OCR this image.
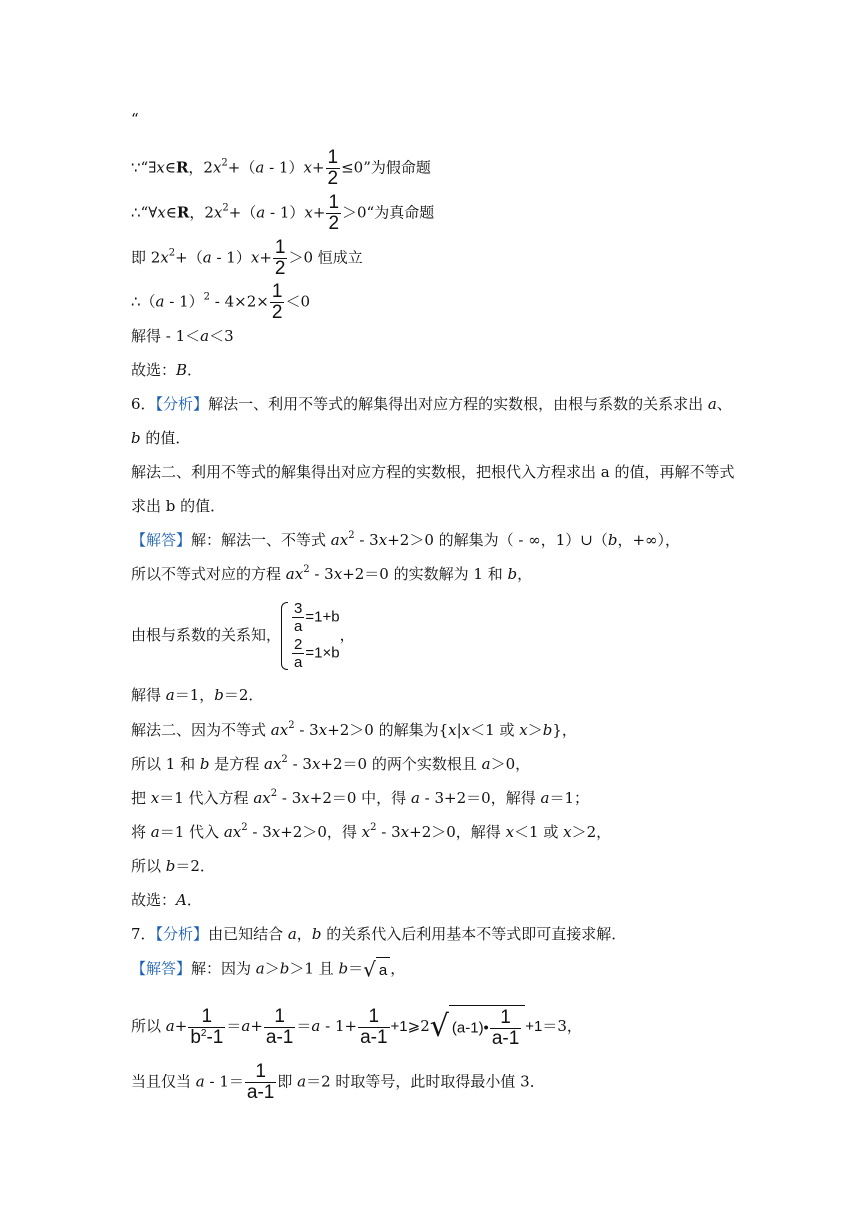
“
∵“∃x∈R，$2x^2+(a - 1)x+ \frac{1}{2} \le 0$”为假命题
∴“∀x∈R，$2x^2+(a - 1)x+ \frac{1}{2}$ ＞0“为真命题
即 $2x^2+(a - 1)x+ \frac{1}{2} >0$ 恒成立
∴（a - $1)^2 - 4\times 2\times \frac{1}{2} <0$
解得 - 1＜a＜3
故选：B．
6．【分析】解法一、利用不等式的解集得出对应方程的实数根，由根与系数的关系求出 a、
b 的值．
解法二、利用不等式的解集得出对应方程的实数根，把根代入方程求出 a 的值，再解不等式
求出 b 的值．
【解答】解：解法一、不等式 $ax^2 - 3x+2>0$ 的解集为（ - ∞，1）∪（b，+∞），
所以不等式对应的方程 $ax^2 - 3x+2=0$ 的实数解为 1 和 b，
由根与系数的关系知， $\frac{3}{a} =1+b$
$\frac{2}{a} =1\times b$
，
解得 a＝1，b＝2．
解法二、因为不等式 $ax^2 - 3x+2>0$ 的解集为{x|x＜1 或 x＞b}，
所以 1 和 b 是方程 $ax^2 - 3x+2=0$ 的两个实数根且 a＞0，
把 x＝1 代入方程 $ax^2 - 3x+2=0$ 中，得 a - 3+2＝0，解得 a＝1；
将 a＝1 代入 $ax^2 - 3x+2>0$，得 $x^2 - 3x+2>0$，解得 x＜1 或 x＞2，
所以 b＝2．
故选：A．
7．【分析】由已知结合 a，b 的关系代入后利用基本不等式即可直接求解．
【解答】解：因为 a＞b＞1 且 b＝√ a ，
所以 $a+ \frac{1}{b^2-1} =a+ \frac{1}{a-1} =a - 1+ \frac{1}{a-1}$ +1⩾2√ (a-1)• $\frac{1}{a-1} +1=3$，
当且仅当 $a - 1= \frac{1}{a-1}$ 即 a＝2 时取等号，此时取得最小值 3．
